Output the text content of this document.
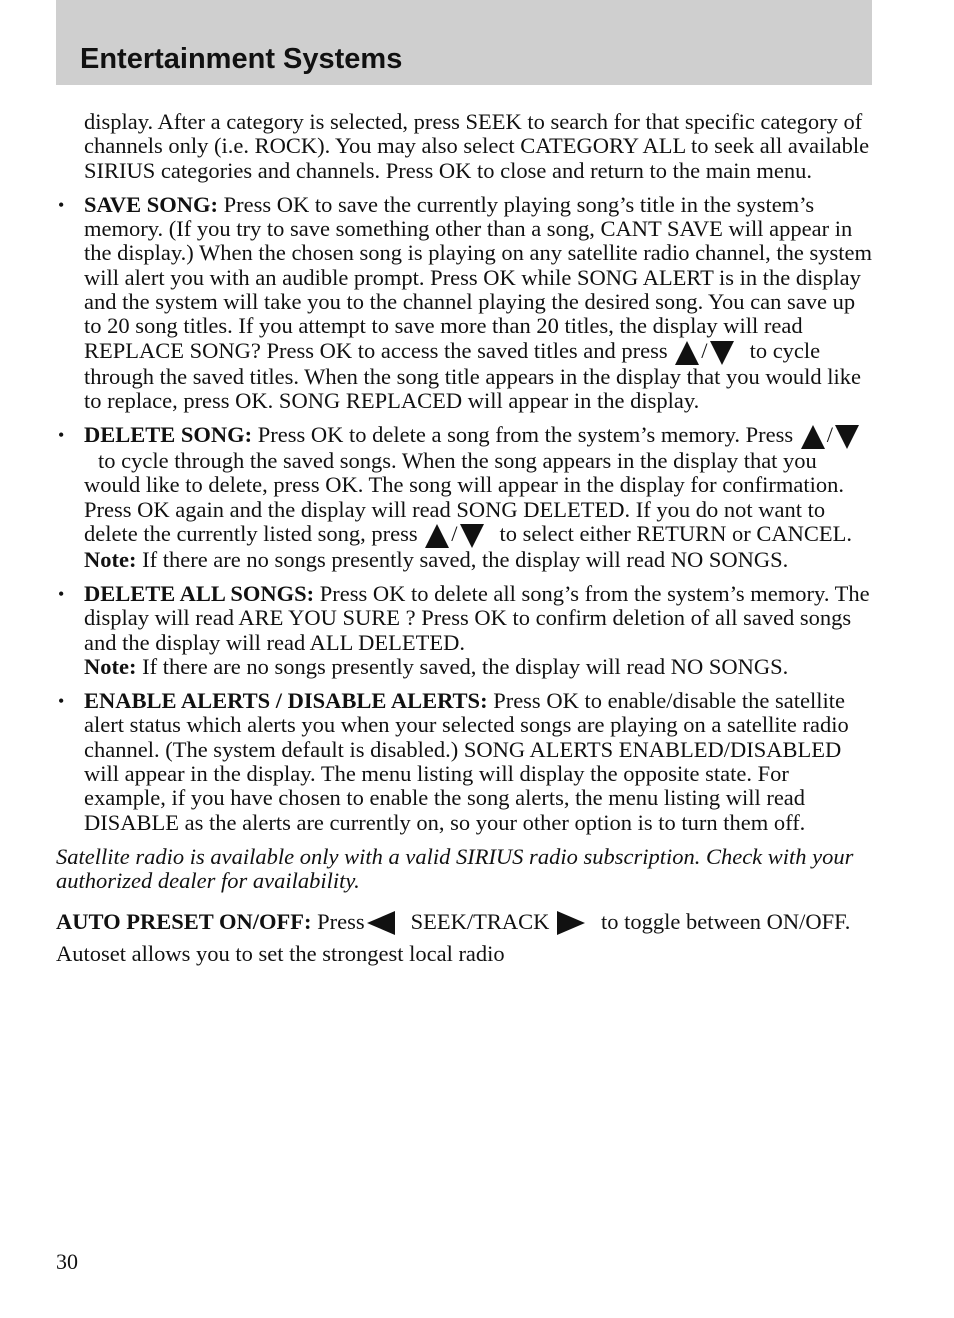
Entertainment Systems

display. After a category is selected, press SEEK to search for that specific category of channels only (i.e. ROCK). You may also select CATEGORY ALL to seek all available SIRIUS categories and channels. Press OK to close and return to the main menu.

• SAVE SONG: Press OK to save the currently playing song’s title in the system’s memory. (If you try to save something other than a song, CANT SAVE will appear in the display.) When the chosen song is playing on any satellite radio channel, the system will alert you with an audible prompt. Press OK while SONG ALERT is in the display and the system will take you to the channel playing the desired song. You can save up to 20 song titles. If you attempt to save more than 20 titles, the display will read REPLACE SONG? Press OK to access the saved titles and press / to cycle through the saved titles. When the song title appears in the display that you would like to replace, press OK. SONG REPLACED will appear in the display.

• DELETE SONG: Press OK to delete a song from the system’s memory. Press /to cycle through the saved songs. When the song appears in the display that you would like to delete, press OK. The song will appear in the display for confirmation. Press OK again and the display will read SONG DELETED. If you do not want to delete the currently listed song, press / to select either RETURN or CANCEL.

Note: If there are no songs presently saved, the display will read NO SONGS.

• DELETE ALL SONGS: Press OK to delete all song’s from the system’s memory. The display will read ARE YOU SURE ? Press OK to confirm deletion of all saved songs and the display will read ALL DELETED.

Note: If there are no songs presently saved, the display will read NO SONGS.

• ENABLE ALERTS / DISABLE ALERTS: Press OK to enable/disable the satellite alert status which alerts you when your selected songs are playing on a satellite radio channel. (The system default is disabled.) SONG ALERTS ENABLED/DISABLED will appear in the display. The menu listing will display the opposite state. For example, if you have chosen to enable the song alerts, the menu listing will read DISABLE as the alerts are currently on, so your other option is to turn them off.

Satellite radio is available only with a valid SIRIUS radio subscription. Check with your authorized dealer for availability.

AUTO PRESET ON/OFF: Press SEEK/TRACK to toggle between ON/OFF. Autoset allows you to set the strongest local radio

30
